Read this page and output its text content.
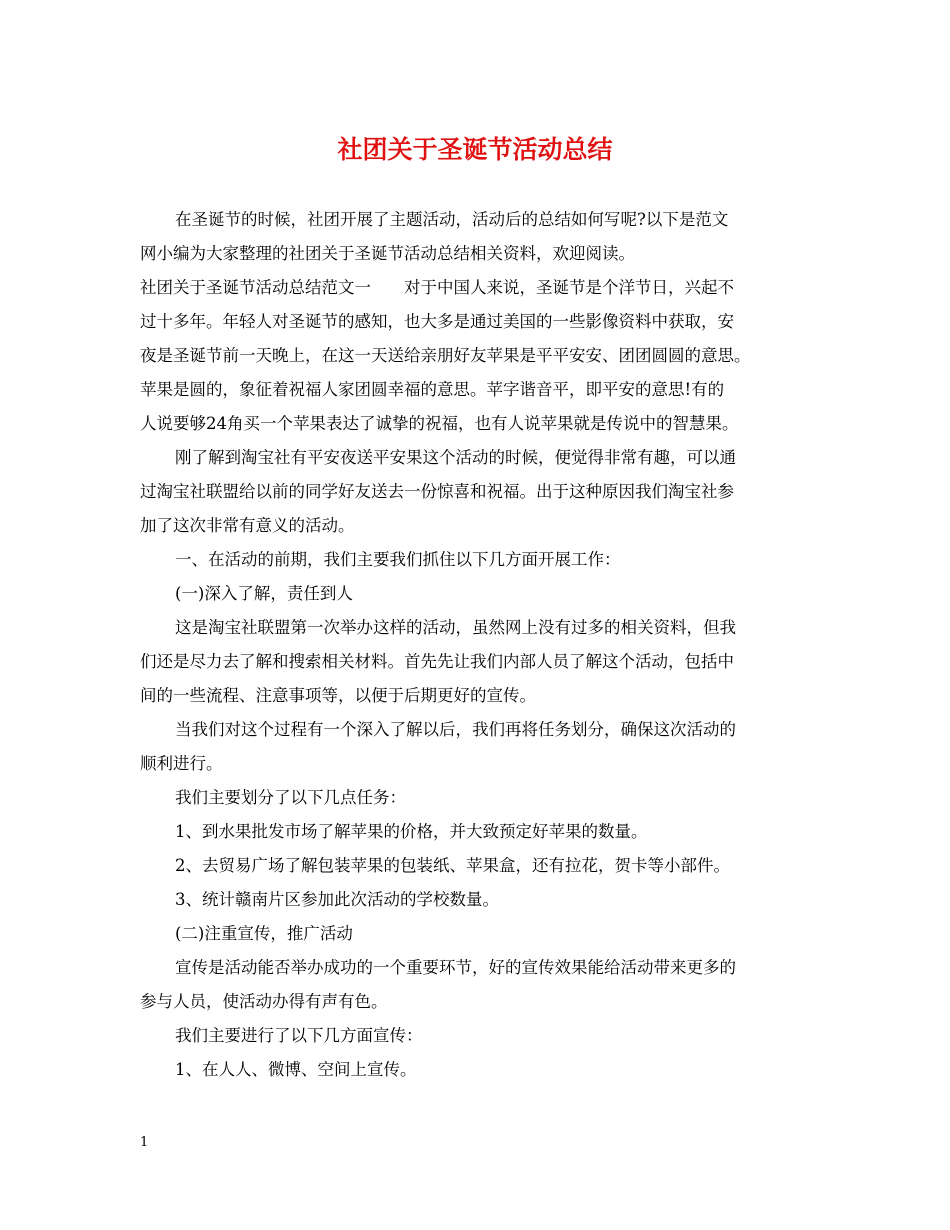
社团关于圣诞节活动总结

在圣诞节的时候，社团开展了主题活动，活动后的总结如何写呢?以下是范文

网小编为大家整理的社团关于圣诞节活动总结相关资料，欢迎阅读。

社团关于圣诞节活动总结范文一　　对于中国人来说，圣诞节是个洋节日，兴起不

过十多年。年轻人对圣诞节的感知，也大多是通过美国的一些影像资料中获取，安

夜是圣诞节前一天晚上，在这一天送给亲朋好友苹果是平平安安、团团圆圆的意思。

苹果是圆的，象征着祝福人家团圆幸福的意思。苹字谐音平，即平安的意思!有的

人说要够24角买一个苹果表达了诚挚的祝福，也有人说苹果就是传说中的智慧果。

刚了解到淘宝社有平安夜送平安果这个活动的时候，便觉得非常有趣，可以通

过淘宝社联盟给以前的同学好友送去一份惊喜和祝福。出于这种原因我们淘宝社参

加了这次非常有意义的活动。

一、在活动的前期，我们主要我们抓住以下几方面开展工作：

(一)深入了解，责任到人

这是淘宝社联盟第一次举办这样的活动，虽然网上没有过多的相关资料，但我

们还是尽力去了解和搜索相关材料。首先先让我们内部人员了解这个活动，包括中

间的一些流程、注意事项等，以便于后期更好的宣传。

当我们对这个过程有一个深入了解以后，我们再将任务划分，确保这次活动的

顺利进行。

我们主要划分了以下几点任务：

1、到水果批发市场了解苹果的价格，并大致预定好苹果的数量。

2、去贸易广场了解包装苹果的包装纸、苹果盒，还有拉花，贺卡等小部件。

3、统计赣南片区参加此次活动的学校数量。

(二)注重宣传，推广活动

宣传是活动能否举办成功的一个重要环节，好的宣传效果能给活动带来更多的

参与人员，使活动办得有声有色。

我们主要进行了以下几方面宣传：

1、在人人、微博、空间上宣传。

1
